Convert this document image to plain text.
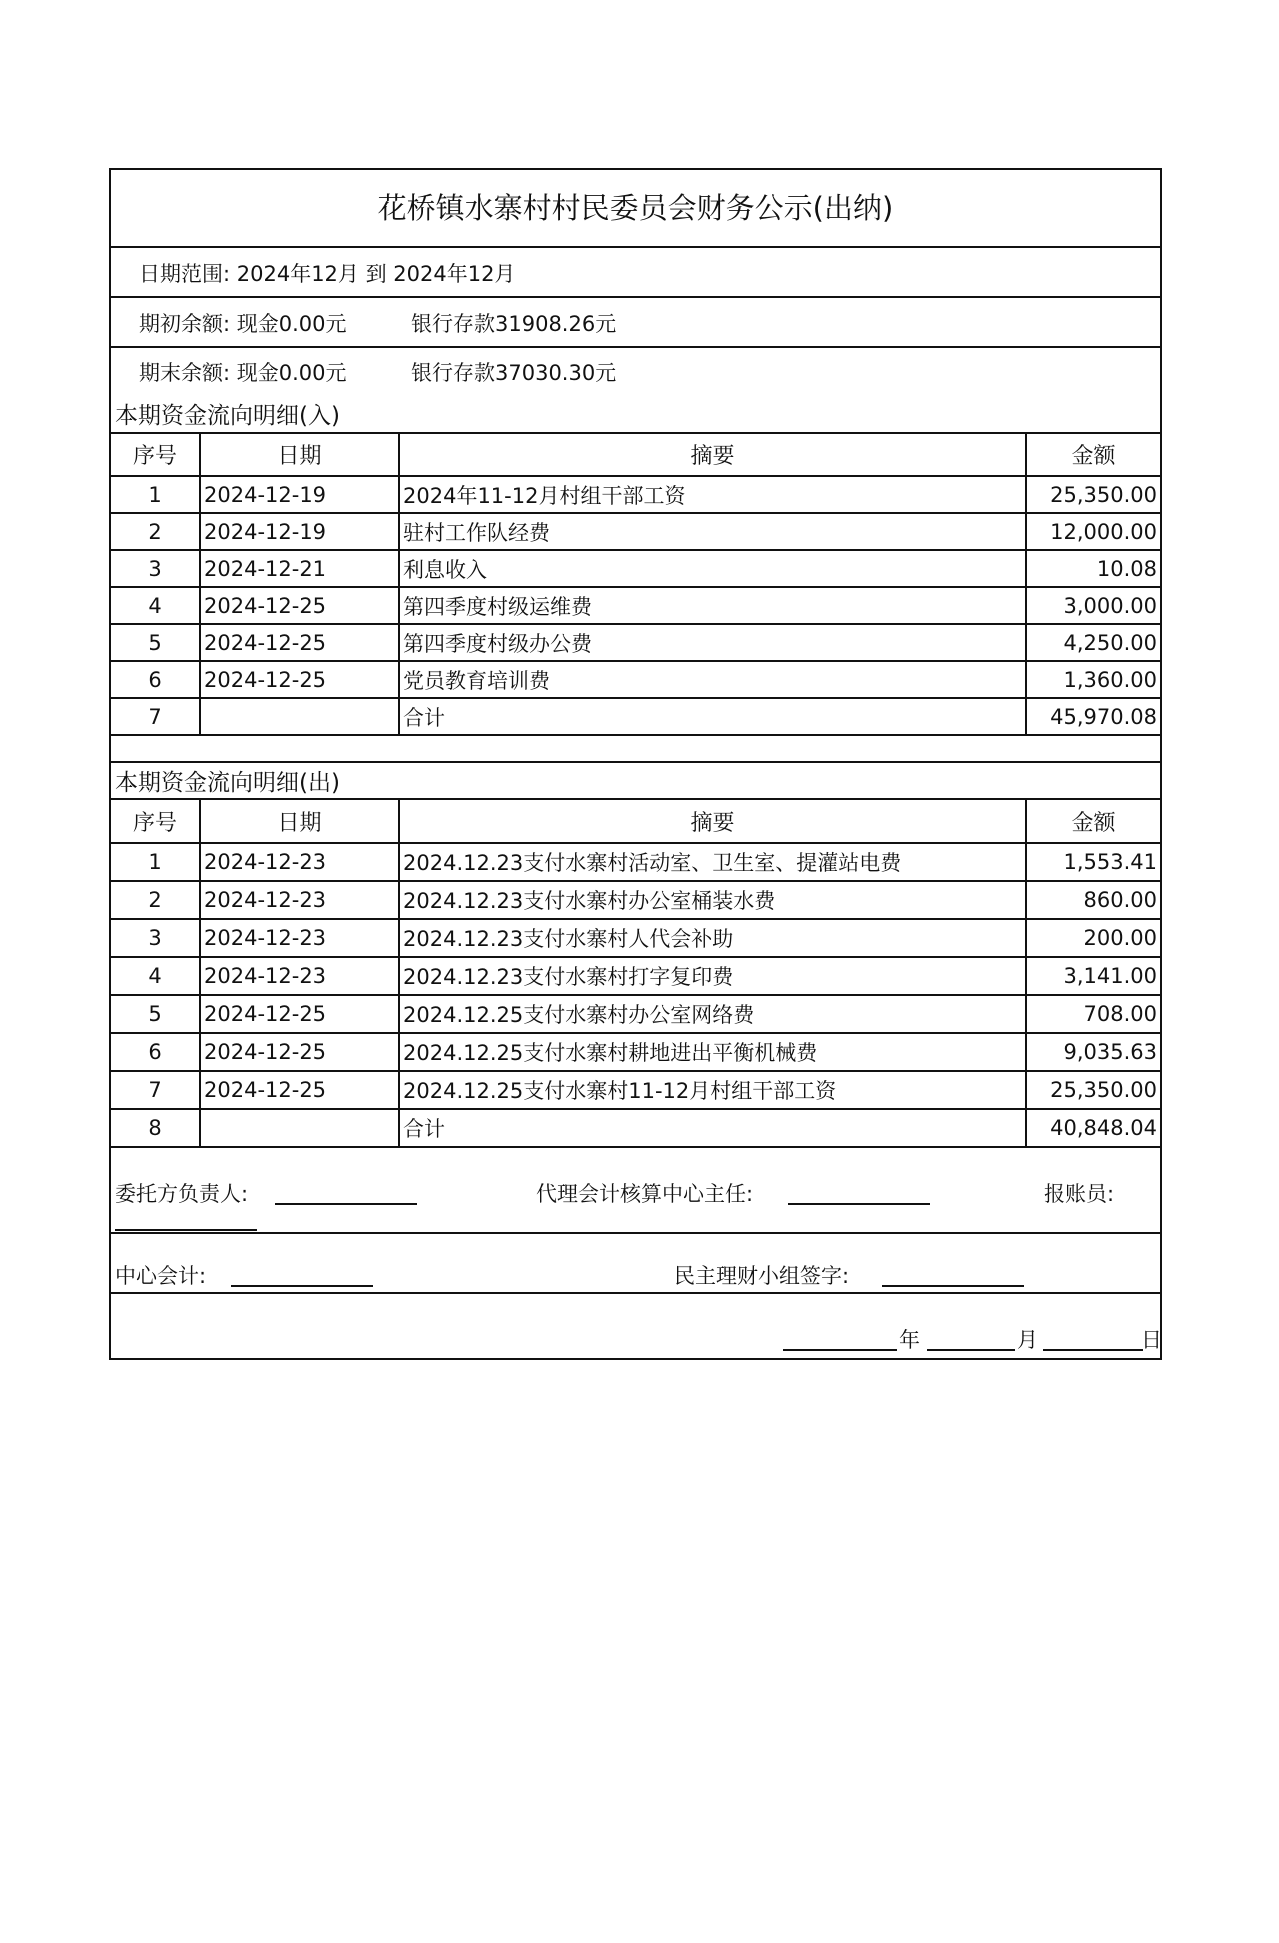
花桥镇水寨村村民委员会财务公示(出纳)
日期范围: 2024年12月 到 2024年12月
期初余额: 现金0.00元	银行存款31908.26元
期末余额: 现金0.00元	银行存款37030.30元
本期资金流向明细(入)
序号	日期	摘要	金额
1	2024-12-19	2024年11-12月村组干部工资	25,350.00
2	2024-12-19	驻村工作队经费	12,000.00
3	2024-12-21	利息收入	10.08
4	2024-12-25	第四季度村级运维费	3,000.00
5	2024-12-25	第四季度村级办公费	4,250.00
6	2024-12-25	党员教育培训费	1,360.00
7		合计	45,970.08
本期资金流向明细(出)
序号	日期	摘要	金额
1	2024-12-23	2024.12.23支付水寨村活动室、卫生室、提灌站电费	1,553.41
2	2024-12-23	2024.12.23支付水寨村办公室桶装水费	860.00
3	2024-12-23	2024.12.23支付水寨村人代会补助	200.00
4	2024-12-23	2024.12.23支付水寨村打字复印费	3,141.00
5	2024-12-25	2024.12.25支付水寨村办公室网络费	708.00
6	2024-12-25	2024.12.25支付水寨村耕地进出平衡机械费	9,035.63
7	2024-12-25	2024.12.25支付水寨村11-12月村组干部工资	25,350.00
8		合计	40,848.04
委托方负责人:	代理会计核算中心主任:	报账员:
中心会计:	民主理财小组签字:
年	月	日
